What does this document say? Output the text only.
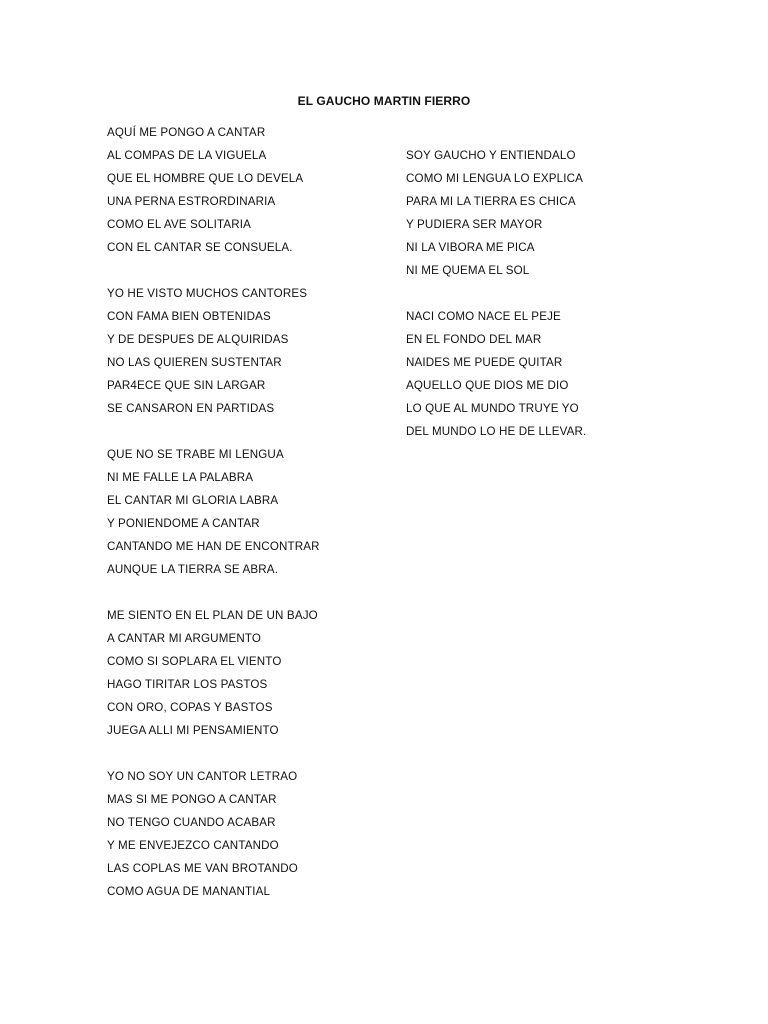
EL GAUCHO MARTIN FIERRO
AQUÍ ME PONGO A CANTAR
AL COMPAS DE LA VIGUELA
QUE EL HOMBRE QUE LO DEVELA
UNA PERNA ESTRORDINARIA
COMO EL AVE SOLITARIA
CON EL CANTAR SE CONSUELA.
YO HE VISTO MUCHOS CANTORES
CON FAMA BIEN OBTENIDAS
Y DE DESPUES DE ALQUIRIDAS
NO LAS QUIEREN SUSTENTAR
PAR4ECE QUE SIN LARGAR
SE CANSARON EN PARTIDAS
QUE NO SE TRABE MI LENGUA
NI ME FALLE LA PALABRA
EL CANTAR MI GLORIA LABRA
Y PONIENDOME A CANTAR
CANTANDO ME HAN DE ENCONTRAR
AUNQUE LA TIERRA SE ABRA.
ME SIENTO EN EL PLAN DE UN BAJO
A CANTAR MI ARGUMENTO
COMO SI SOPLARA EL VIENTO
HAGO TIRITAR LOS PASTOS
CON ORO, COPAS Y BASTOS
JUEGA ALLI MI PENSAMIENTO
YO NO SOY UN CANTOR LETRAO
MAS SI ME PONGO A CANTAR
NO TENGO CUANDO ACABAR
Y ME ENVEJEZCO CANTANDO
LAS COPLAS ME VAN BROTANDO
COMO AGUA DE MANANTIAL
SOY GAUCHO Y ENTIENDALO
COMO MI LENGUA LO EXPLICA
PARA MI LA TIERRA ES CHICA
Y PUDIERA SER MAYOR
NI LA VIBORA ME PICA
NI ME QUEMA EL SOL
NACI COMO NACE EL PEJE
EN EL FONDO DEL MAR
NAIDES ME PUEDE QUITAR
AQUELLO QUE DIOS ME DIO
LO QUE AL MUNDO TRUYE YO
DEL MUNDO LO HE DE LLEVAR.
